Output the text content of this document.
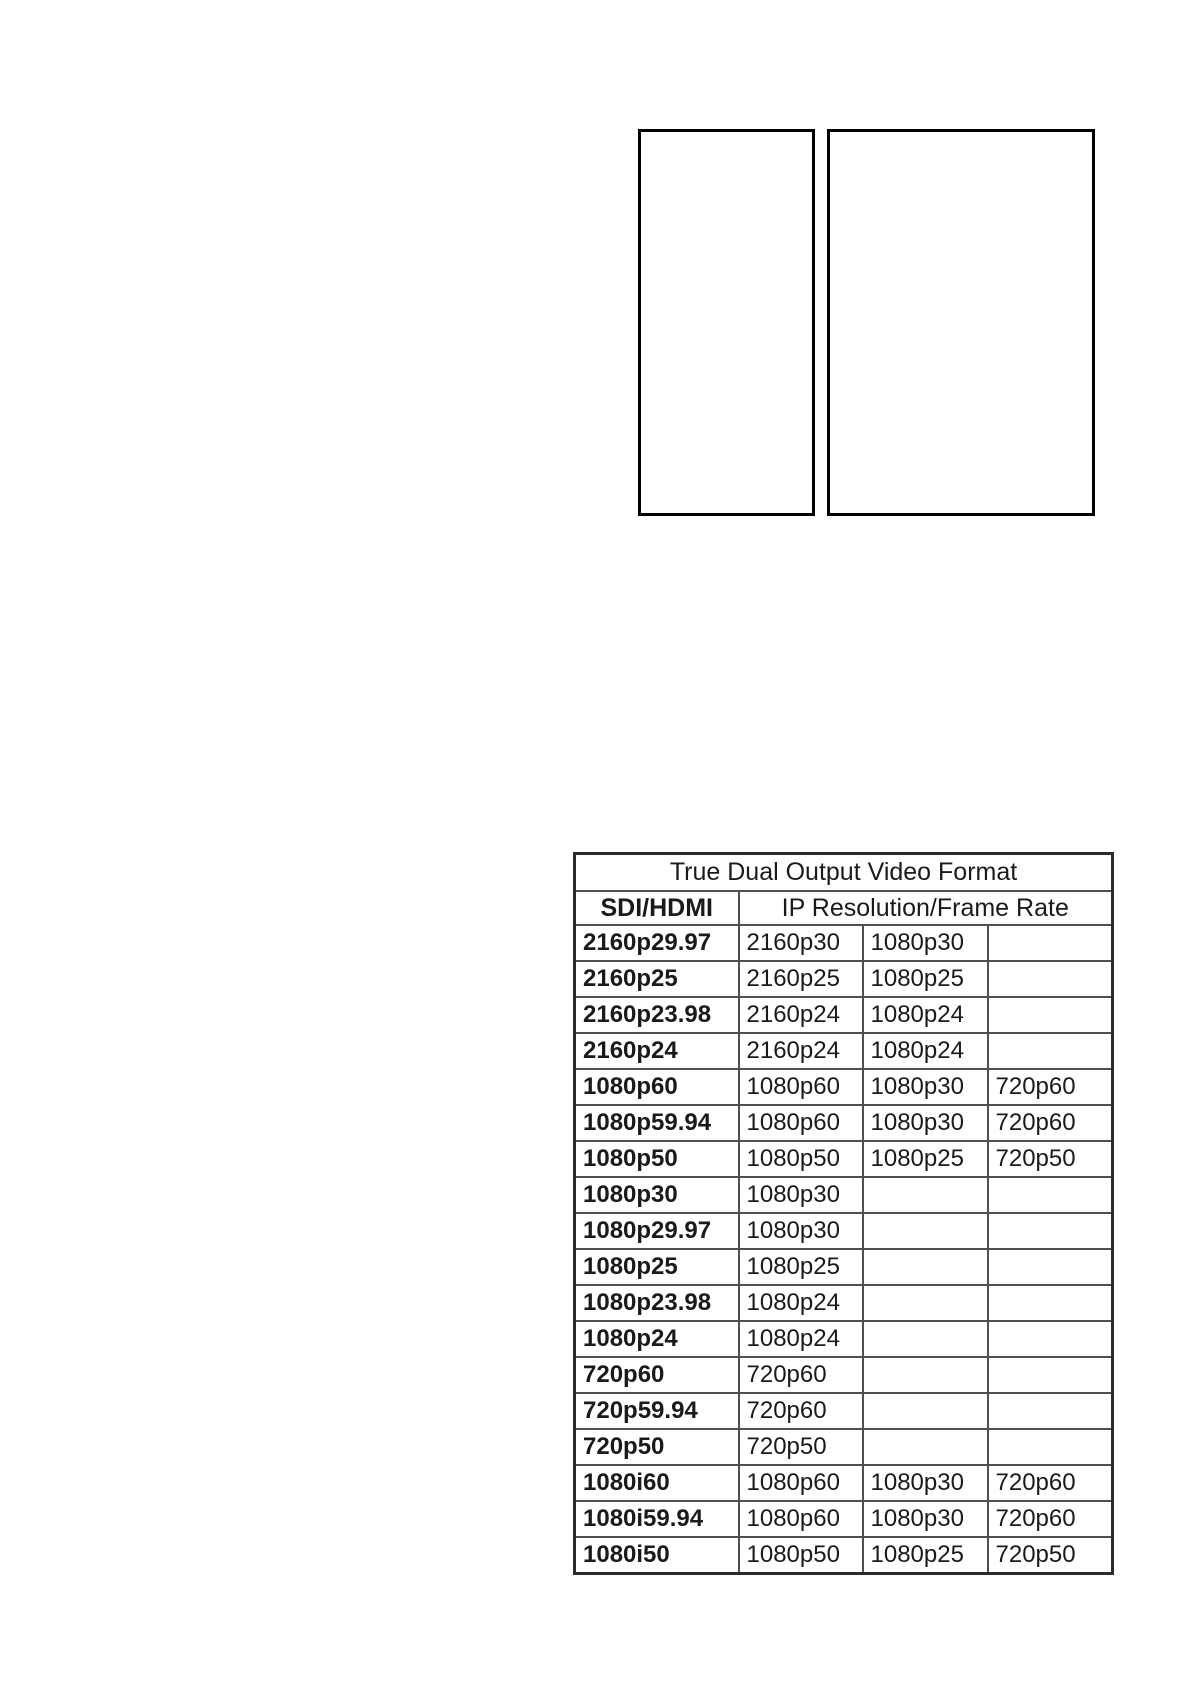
True Dual Output Video Format			
SDI/HDMI	IP Resolution/Frame Rate		
2160p29.97	2160p30	1080p30	
2160p25	2160p25	1080p25	
2160p23.98	2160p24	1080p24	
2160p24	2160p24	1080p24	
1080p60	1080p60	1080p30	720p60
1080p59.94	1080p60	1080p30	720p60
1080p50	1080p50	1080p25	720p50
1080p30	1080p30		
1080p29.97	1080p30		
1080p25	1080p25		
1080p23.98	1080p24		
1080p24	1080p24		
720p60	720p60		
720p59.94	720p60		
720p50	720p50		
1080i60	1080p60	1080p30	720p60
1080i59.94	1080p60	1080p30	720p60
1080i50	1080p50	1080p25	720p50
